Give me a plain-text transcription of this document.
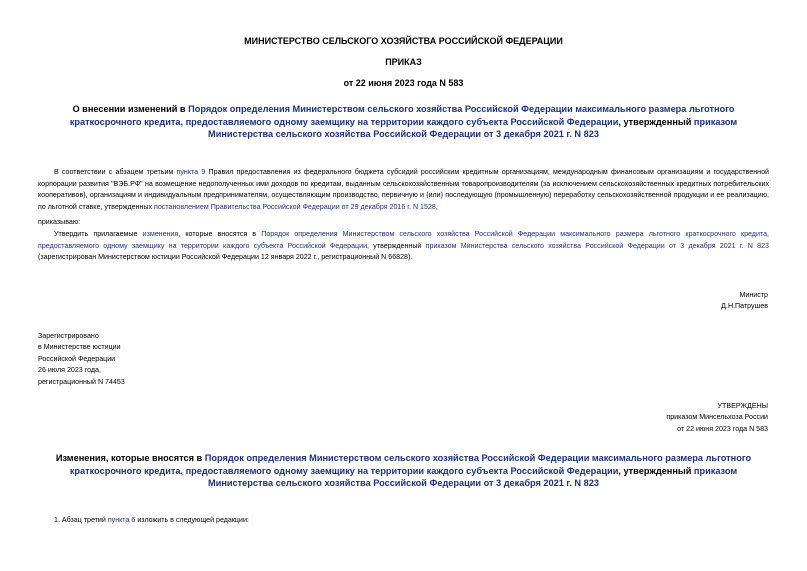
МИНИСТЕРСТВО СЕЛЬСКОГО ХОЗЯЙСТВА РОССИЙСКОЙ ФЕДЕРАЦИИ
ПРИКАЗ
от 22 июня 2023 года N 583
О внесении изменений в Порядок определения Министерством сельского хозяйства Российской Федерации максимального размера льготного краткосрочного кредита, предоставляемого одному заемщику на территории каждого субъекта Российской Федерации, утвержденный приказом Министерства сельского хозяйства Российской Федерации от 3 декабря 2021 г. N 823
В соответствии с абзацем третьим пункта 9 Правил предоставления из федерального бюджета субсидий российским кредитным организациям, международным финансовым организациям и государственной корпорации развития "ВЭБ.РФ" на возмещение недополученных ими доходов по кредитам, выданным сельскохозяйственным товаропроизводителям (за исключением сельскохозяйственных кредитных потребительских кооперативов), организациям и индивидуальным предпринимателям, осуществляющим производство, первичную и (или) последующую (промышленную) переработку сельскохозяйственной продукции и ее реализацию, по льготной ставке, утвержденных постановлением Правительства Российской Федерации от 29 декабря 2016 г. N 1528,
приказываю:
Утвердить прилагаемые изменения, которые вносятся в Порядок определения Министерством сельского хозяйства Российской Федерации максимального размера льготного краткосрочного кредита, предоставляемого одному заемщику на территории каждого субъекта Российской Федерации, утвержденный приказом Министерства сельского хозяйства Российской Федерации от 3 декабря 2021 г. N 823 (зарегистрирован Министерством юстиции Российской Федерации 12 января 2022 г., регистрационный N 66828).
Министр
Д.Н.Патрушев
Зарегистрировано
в Министерстве юстиции
Российской Федерации
26 июля 2023 года,
регистрационный N 74453
УТВЕРЖДЕНЫ
приказом Минсельхоза России
от 22 июня 2023 года N 583
Изменения, которые вносятся в Порядок определения Министерством сельского хозяйства Российской Федерации максимального размера льготного краткосрочного кредита, предоставляемого одному заемщику на территории каждого субъекта Российской Федерации, утвержденный приказом Министерства сельского хозяйства Российской Федерации от 3 декабря 2021 г. N 823
1. Абзац третий пункта 6 изложить в следующей редакции:
